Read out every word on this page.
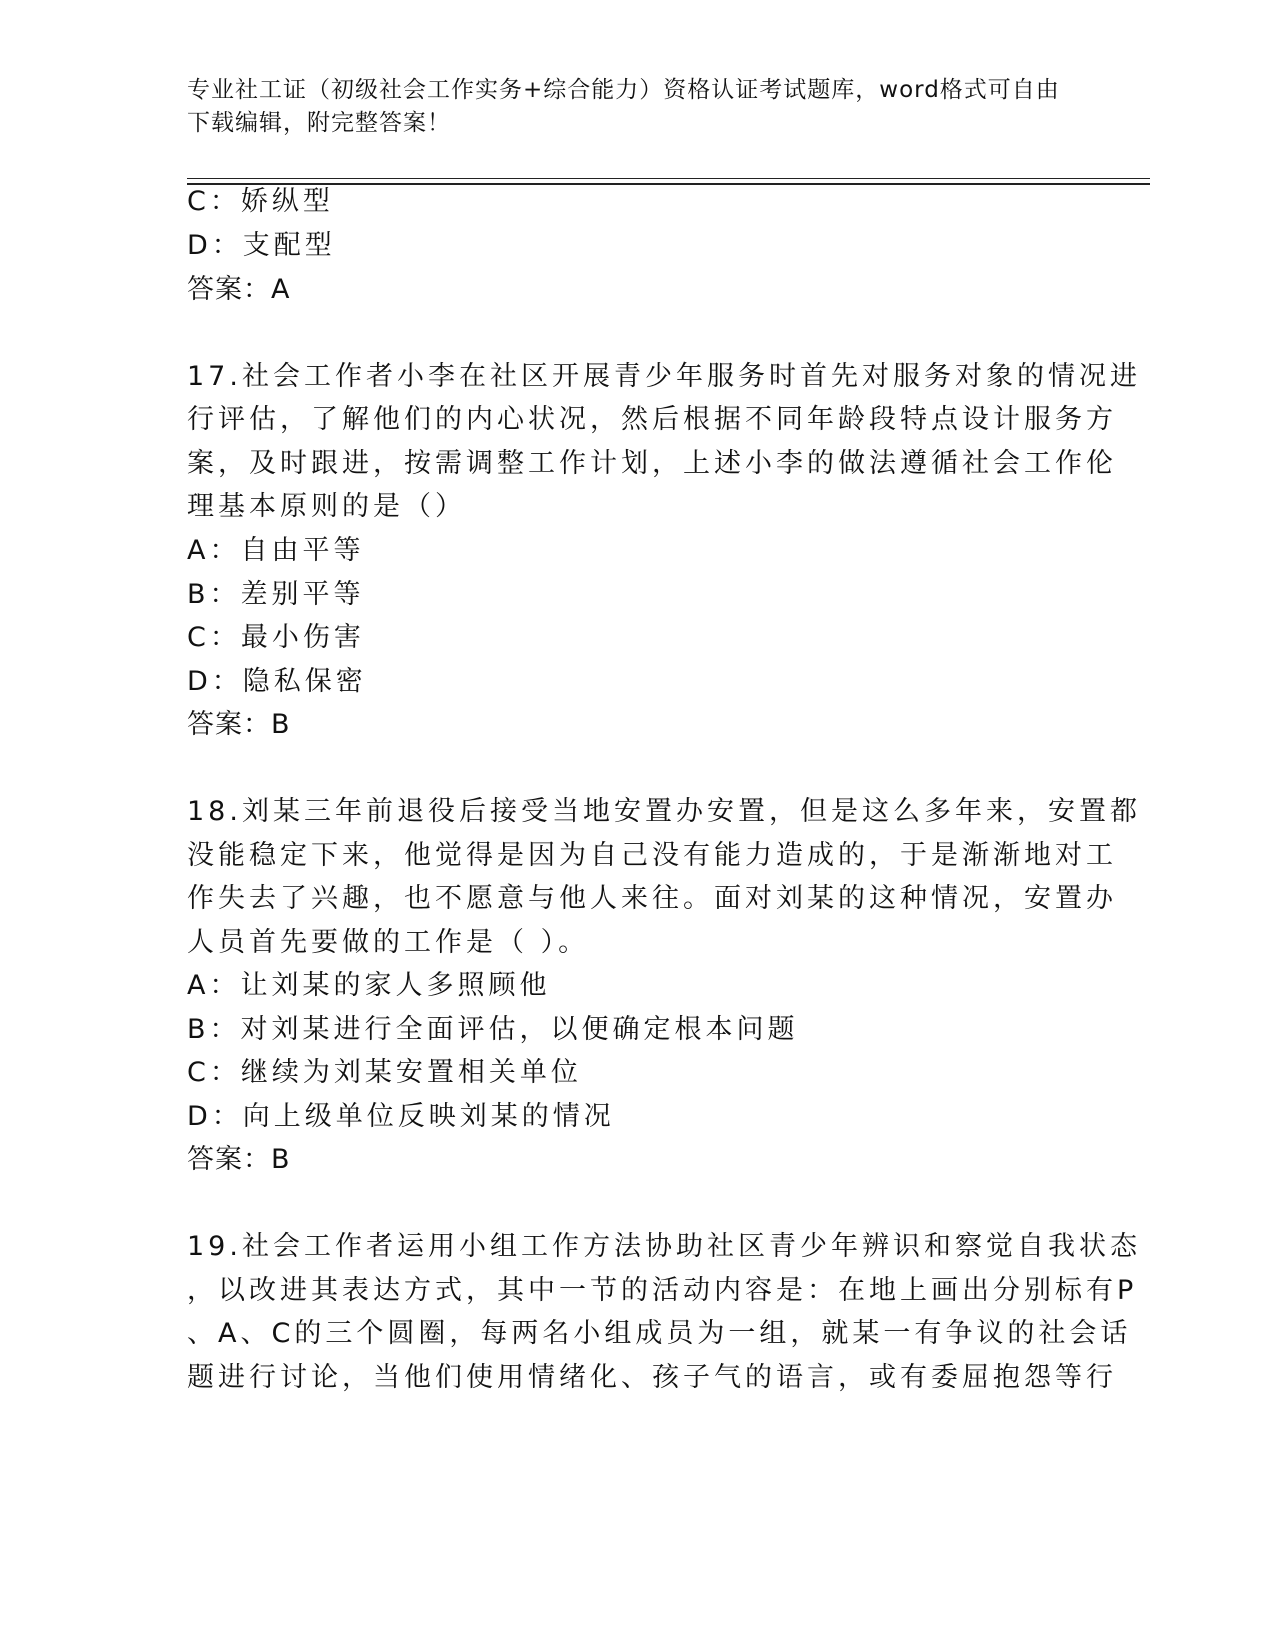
专业社工证（初级社会工作实务+综合能力）资格认证考试题库，word格式可自由
下载编辑，附完整答案！
C：娇纵型
D：支配型
答案：A
17.社会工作者小李在社区开展青少年服务时首先对服务对象的情况进
行评估，了解他们的内心状况，然后根据不同年龄段特点设计服务方
案，及时跟进，按需调整工作计划，上述小李的做法遵循社会工作伦
理基本原则的是（）
A：自由平等
B：差别平等
C：最小伤害
D：隐私保密
答案：B
18.刘某三年前退役后接受当地安置办安置，但是这么多年来，安置都
没能稳定下来，他觉得是因为自己没有能力造成的，于是渐渐地对工
作失去了兴趣，也不愿意与他人来往。面对刘某的这种情况，安置办
人员首先要做的工作是（ ）。
A：让刘某的家人多照顾他
B：对刘某进行全面评估，以便确定根本问题
C：继续为刘某安置相关单位
D：向上级单位反映刘某的情况
答案：B
19.社会工作者运用小组工作方法协助社区青少年辨识和察觉自我状态
，以改进其表达方式，其中一节的活动内容是：在地上画出分别标有P
、A、C的三个圆圈，每两名小组成员为一组，就某一有争议的社会话
题进行讨论，当他们使用情绪化、孩子气的语言，或有委屈抱怨等行
